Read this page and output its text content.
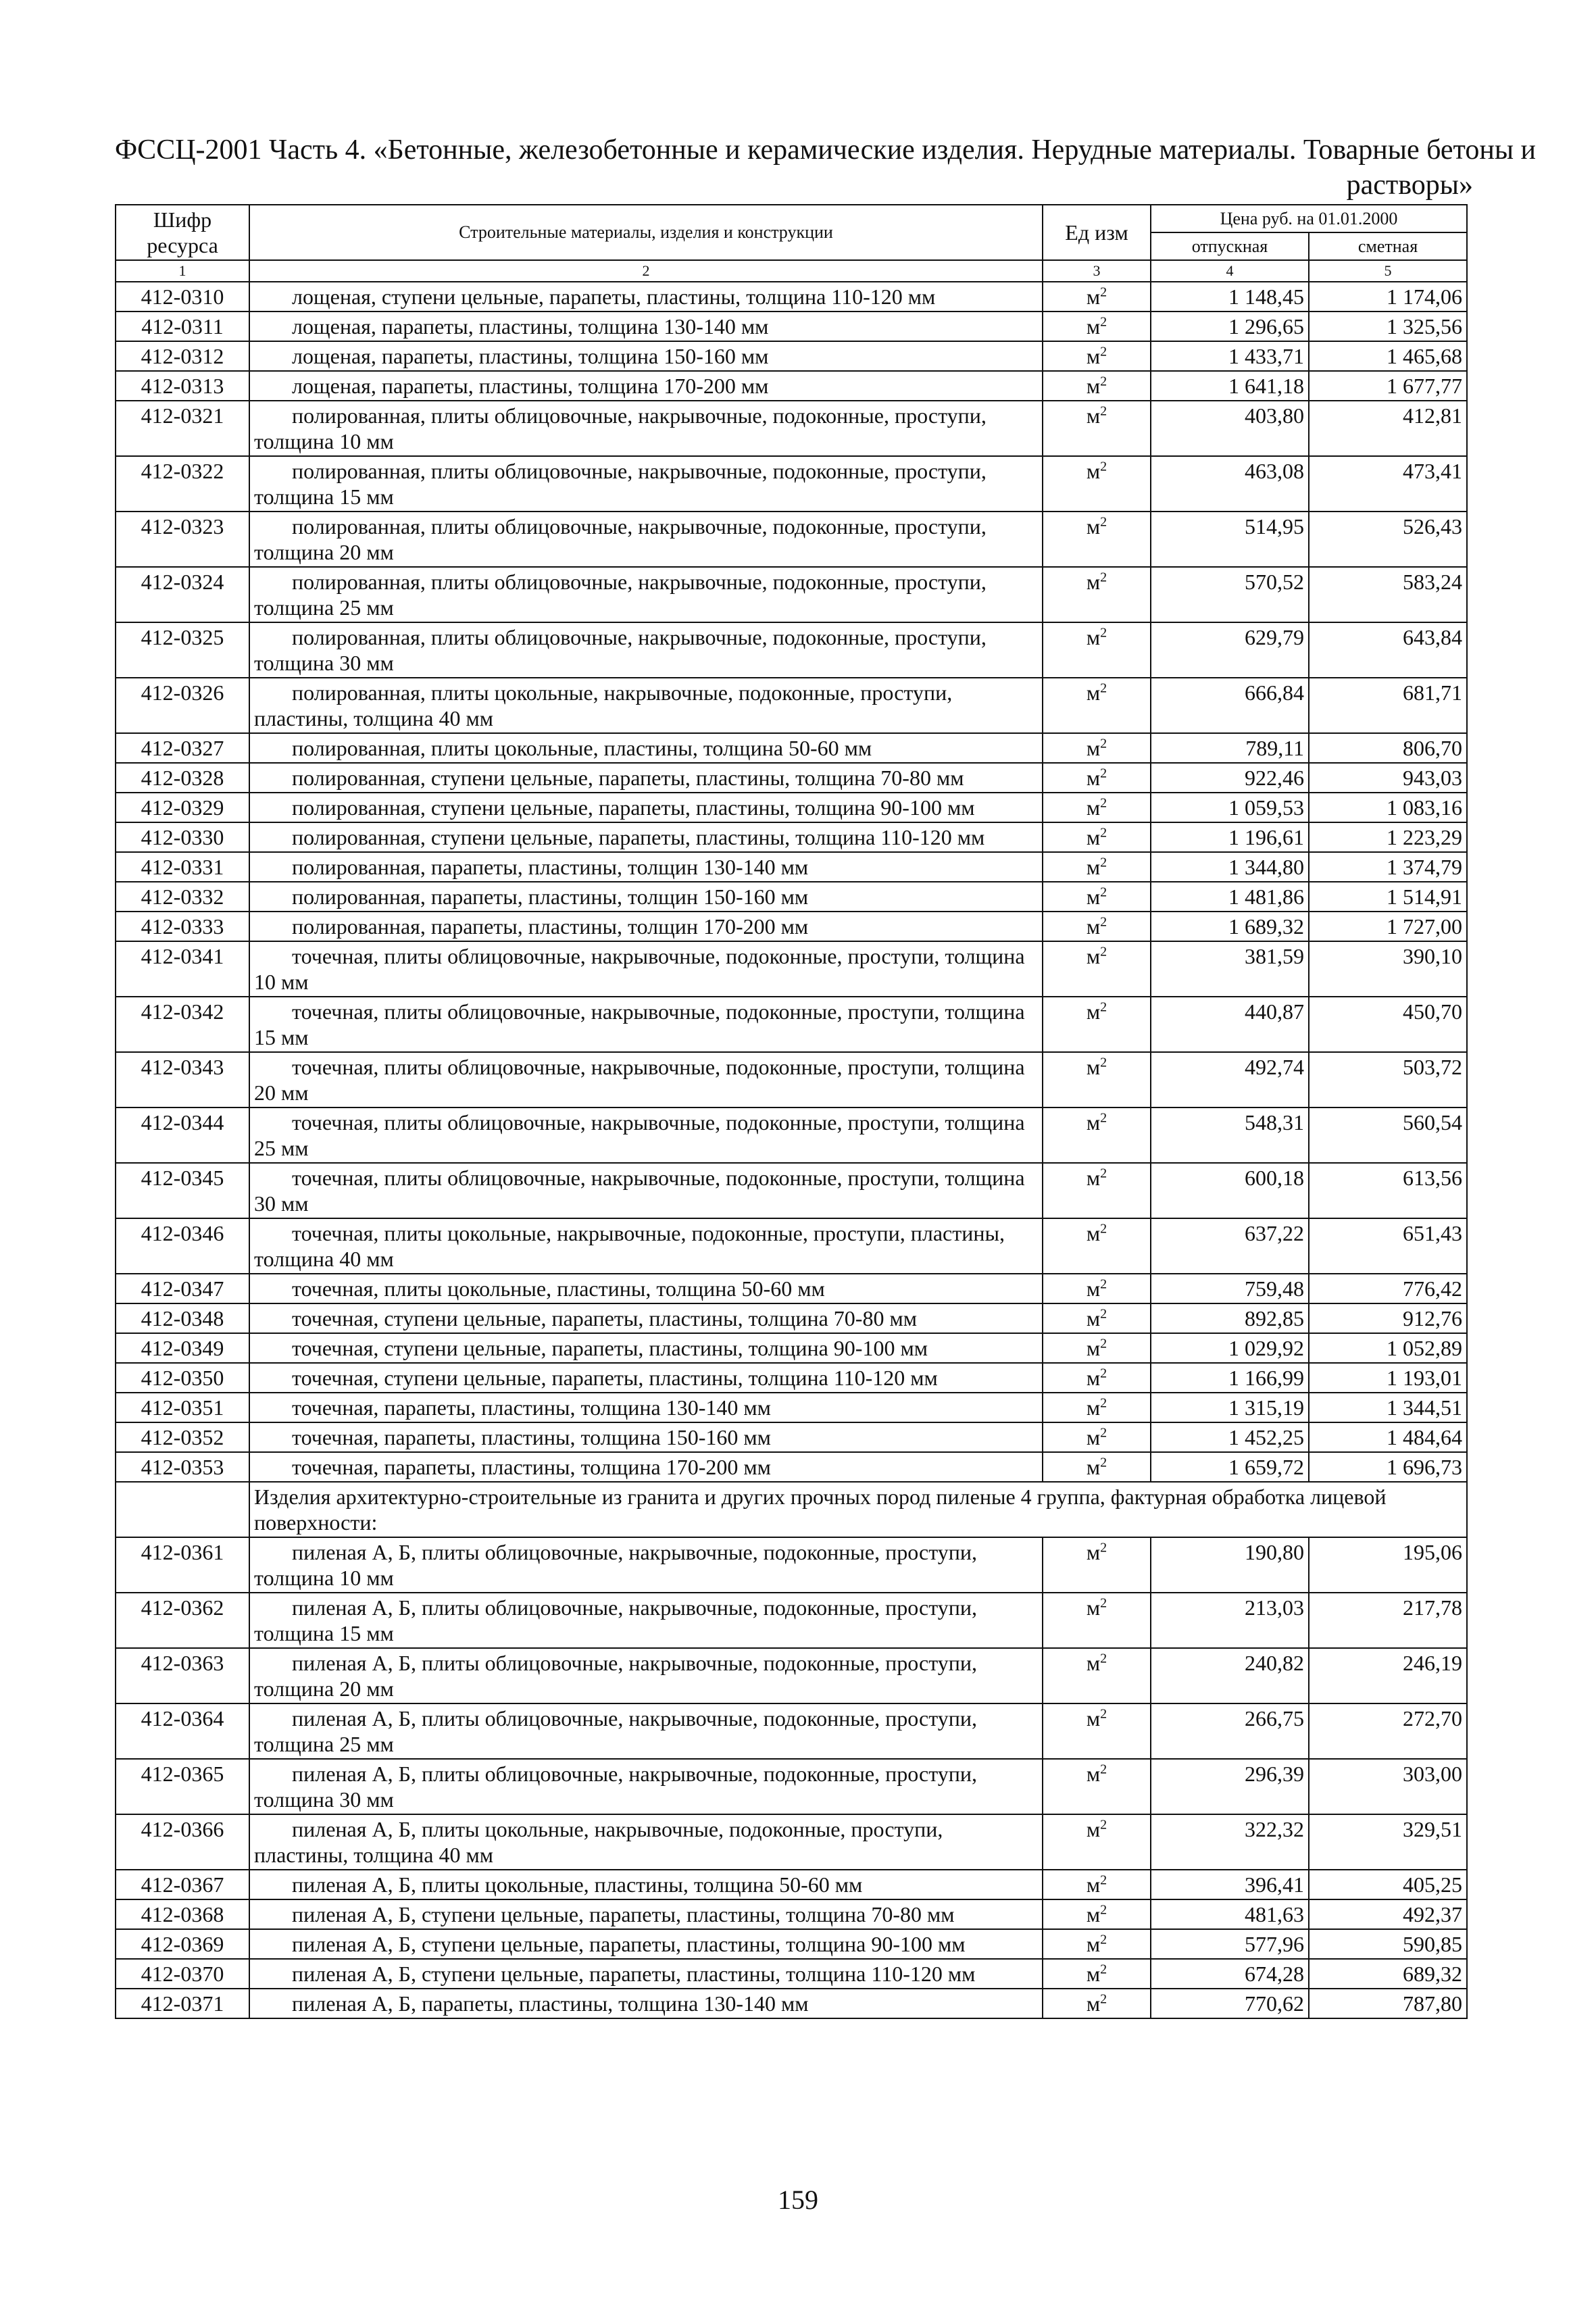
ФССЦ-2001 Часть 4. «Бетонные, железобетонные и керамические изделия. Нерудные материалы. Товарные бетоны и
растворы»
Шифр ресурса	Строительные материалы, изделия и конструкции	Ед изм	Цена руб. на 01.01.2000	
			отпускная	сметная
1	2	3	4	5
412-0310	лощеная, ступени цельные, парапеты, пластины, толщина 110-120 мм	$м^2$	1 148,45	1 174,06
412-0311	лощеная, парапеты, пластины, толщина 130-140 мм	$м^2$	1 296,65	1 325,56
412-0312	лощеная, парапеты, пластины, толщина 150-160 мм	$м^2$	1 433,71	1 465,68
412-0313	лощеная, парапеты, пластины, толщина 170-200 мм	$м^2$	1 641,18	1 677,77
412-0321	полированная, плиты облицовочные, накрывочные, подоконные, проступи, толщина 10 мм	$м^2$	403,80	412,81
412-0322	полированная, плиты облицовочные, накрывочные, подоконные, проступи, толщина 15 мм	$м^2$	463,08	473,41
412-0323	полированная, плиты облицовочные, накрывочные, подоконные, проступи, толщина 20 мм	$м^2$	514,95	526,43
412-0324	полированная, плиты облицовочные, накрывочные, подоконные, проступи, толщина 25 мм	$м^2$	570,52	583,24
412-0325	полированная, плиты облицовочные, накрывочные, подоконные, проступи, толщина 30 мм	$м^2$	629,79	643,84
412-0326	полированная, плиты цокольные, накрывочные, подоконные, проступи, пластины, толщина 40 мм	$м^2$	666,84	681,71
412-0327	полированная, плиты цокольные, пластины, толщина 50-60 мм	$м^2$	789,11	806,70
412-0328	полированная, ступени цельные, парапеты, пластины, толщина 70-80 мм	$м^2$	922,46	943,03
412-0329	полированная, ступени цельные, парапеты, пластины, толщина 90-100 мм	$м^2$	1 059,53	1 083,16
412-0330	полированная, ступени цельные, парапеты, пластины, толщина 110-120 мм	$м^2$	1 196,61	1 223,29
412-0331	полированная, парапеты, пластины, толщин 130-140 мм	$м^2$	1 344,80	1 374,79
412-0332	полированная, парапеты, пластины, толщин 150-160 мм	$м^2$	1 481,86	1 514,91
412-0333	полированная, парапеты, пластины, толщин 170-200 мм	$м^2$	1 689,32	1 727,00
412-0341	точечная, плиты облицовочные, накрывочные, подоконные, проступи, толщина 10 мм	$м^2$	381,59	390,10
412-0342	точечная, плиты облицовочные, накрывочные, подоконные, проступи, толщина 15 мм	$м^2$	440,87	450,70
412-0343	точечная, плиты облицовочные, накрывочные, подоконные, проступи, толщина 20 мм	$м^2$	492,74	503,72
412-0344	точечная, плиты облицовочные, накрывочные, подоконные, проступи, толщина 25 мм	$м^2$	548,31	560,54
412-0345	точечная, плиты облицовочные, накрывочные, подоконные, проступи, толщина 30 мм	$м^2$	600,18	613,56
412-0346	точечная, плиты цокольные, накрывочные, подоконные, проступи, пластины, толщина 40 мм	$м^2$	637,22	651,43
412-0347	точечная, плиты цокольные, пластины, толщина 50-60 мм	$м^2$	759,48	776,42
412-0348	точечная, ступени цельные, парапеты, пластины, толщина 70-80 мм	$м^2$	892,85	912,76
412-0349	точечная, ступени цельные, парапеты, пластины, толщина 90-100 мм	$м^2$	1 029,92	1 052,89
412-0350	точечная, ступени цельные, парапеты, пластины, толщина 110-120 мм	$м^2$	1 166,99	1 193,01
412-0351	точечная, парапеты, пластины, толщина 130-140 мм	$м^2$	1 315,19	1 344,51
412-0352	точечная, парапеты, пластины, толщина 150-160 мм	$м^2$	1 452,25	1 484,64
412-0353	точечная, парапеты, пластины, толщина 170-200 мм	$м^2$	1 659,72	1 696,73
	Изделия архитектурно-строительные из гранита и других прочных пород пиленые 4 группа, фактурная обработка лицевой поверхности:			
412-0361	пиленая А, Б, плиты облицовочные, накрывочные, подоконные, проступи, толщина 10 мм	$м^2$	190,80	195,06
412-0362	пиленая А, Б, плиты облицовочные, накрывочные, подоконные, проступи, толщина 15 мм	$м^2$	213,03	217,78
412-0363	пиленая А, Б, плиты облицовочные, накрывочные, подоконные, проступи, толщина 20 мм	$м^2$	240,82	246,19
412-0364	пиленая А, Б, плиты облицовочные, накрывочные, подоконные, проступи, толщина 25 мм	$м^2$	266,75	272,70
412-0365	пиленая А, Б, плиты облицовочные, накрывочные, подоконные, проступи, толщина 30 мм	$м^2$	296,39	303,00
412-0366	пиленая А, Б, плиты цокольные, накрывочные, подоконные, проступи, пластины, толщина 40 мм	$м^2$	322,32	329,51
412-0367	пиленая А, Б, плиты цокольные, пластины, толщина 50-60 мм	$м^2$	396,41	405,25
412-0368	пиленая А, Б, ступени цельные, парапеты, пластины, толщина 70-80 мм	$м^2$	481,63	492,37
412-0369	пиленая А, Б, ступени цельные, парапеты, пластины, толщина 90-100 мм	$м^2$	577,96	590,85
412-0370	пиленая А, Б, ступени цельные, парапеты, пластины, толщина 110-120 мм	$м^2$	674,28	689,32
412-0371	пиленая А, Б, парапеты, пластины, толщина 130-140 мм	$м^2$	770,62	787,80
159
